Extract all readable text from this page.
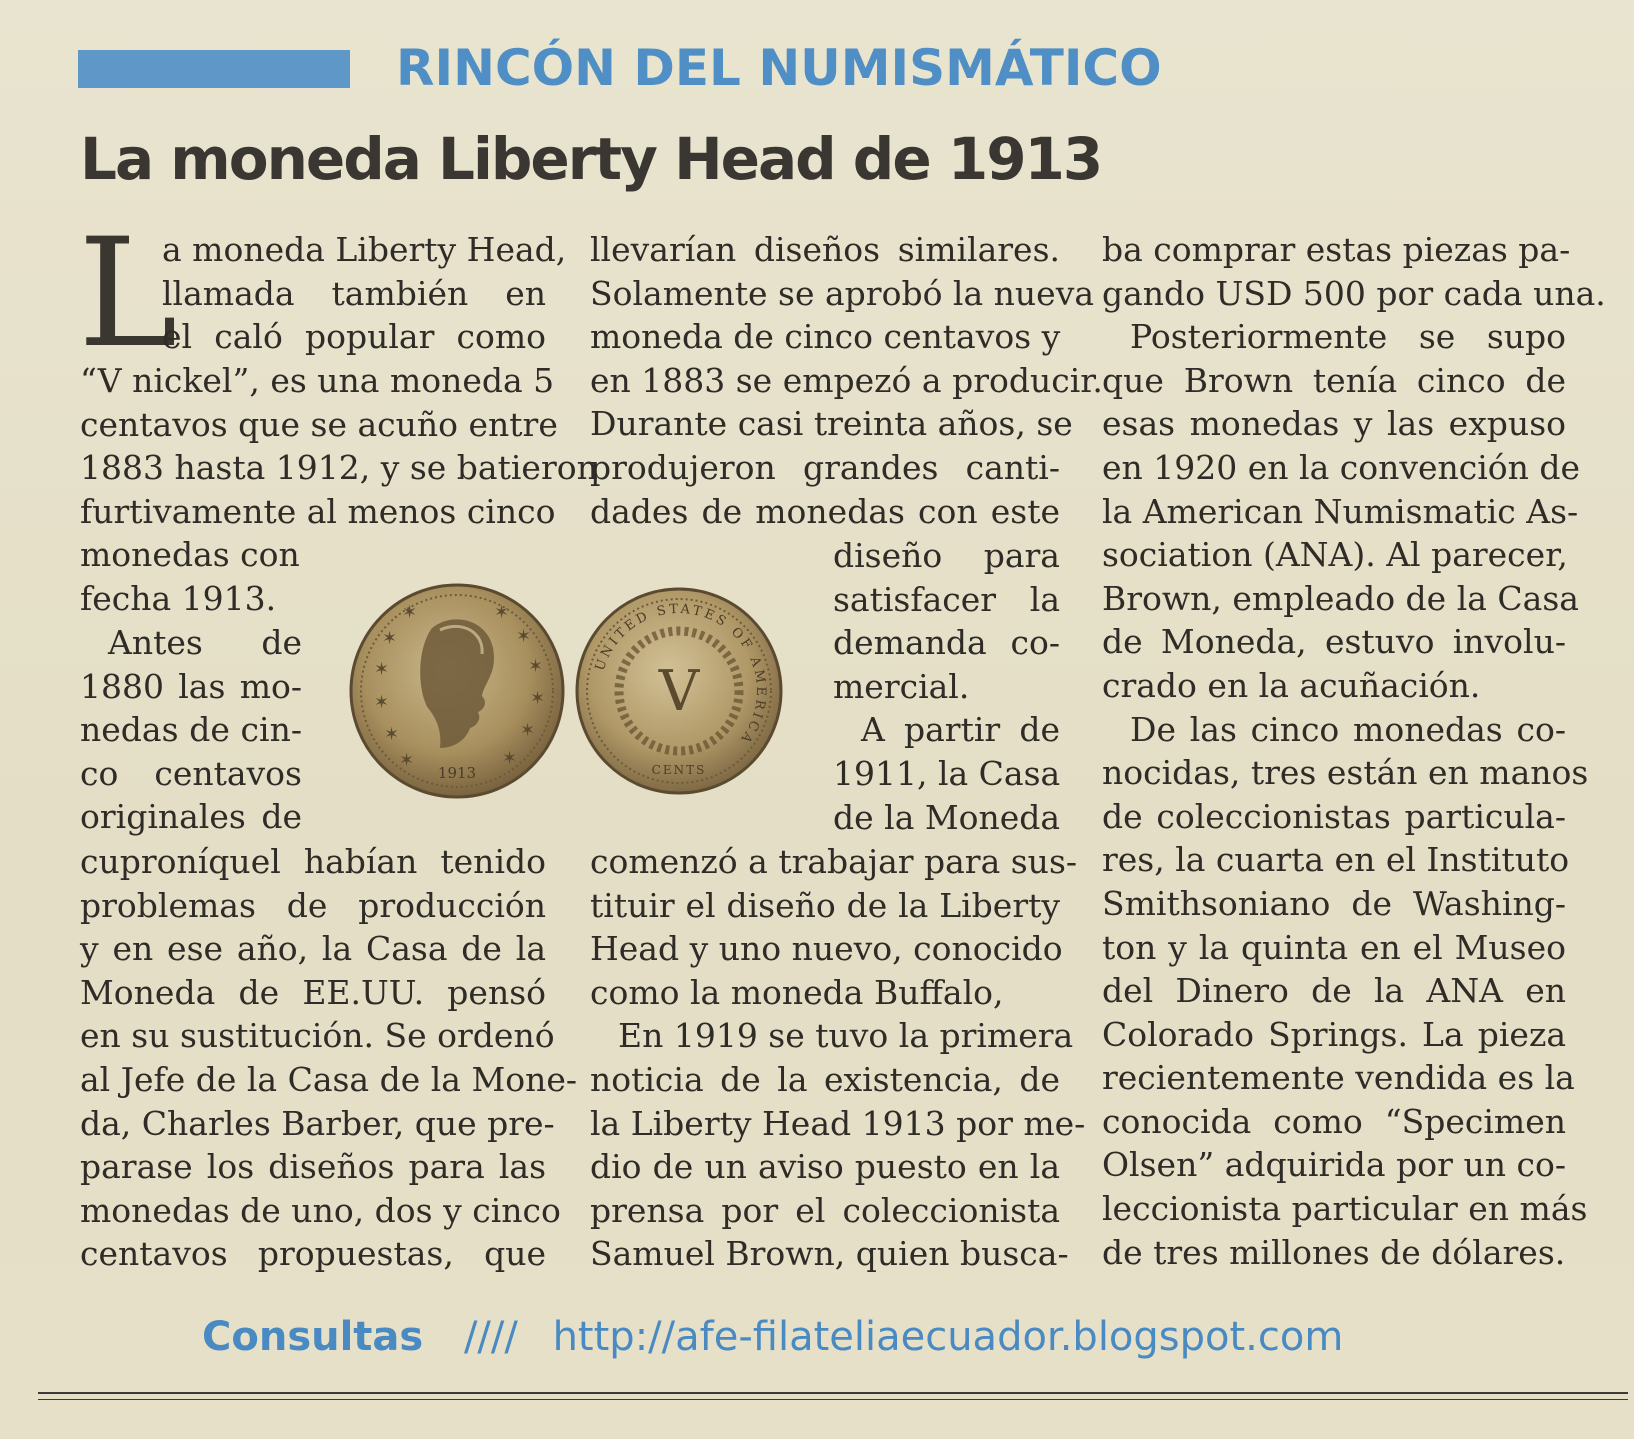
RINCÓN DEL NUMISMÁTICO
La moneda Liberty Head de 1913
L
a moneda Liberty Head,
llamada también en
el caló popular como
“V nickel”, es una moneda 5
centavos que se acuño entre
1883 hasta 1912, y se batieron
furtivamente al menos cinco
monedas con
fecha 1913.
Antes de
1880 las mo-
nedas de cin-
co centavos
originales de
cuproníquel habían tenido
problemas de producción
y en ese año, la Casa de la
Moneda de EE.UU. pensó
en su sustitución. Se ordenó
al Jefe de la Casa de la Mone-
da, Charles Barber, que pre-
parase los diseños para las
monedas de uno, dos y cinco
centavos propuestas, que
llevarían diseños similares.
Solamente se aprobó la nueva
moneda de cinco centavos y
en 1883 se empezó a producir.
Durante casi treinta años, se
produjeron grandes canti-
dades de monedas con este
diseño para
satisfacer la
demanda co-
mercial.
A partir de
1911, la Casa
de la Moneda
comenzó a trabajar para sus-
tituir el diseño de la Liberty
Head y uno nuevo, conocido
como la moneda Buffalo,
En 1919 se tuvo la primera
noticia de la existencia, de
la Liberty Head 1913 por me-
dio de un aviso puesto en la
prensa por el coleccionista
Samuel Brown, quien busca-
ba comprar estas piezas pa-
gando USD 500 por cada una.
Posteriormente se supo
que Brown tenía cinco de
esas monedas y las expuso
en 1920 en la convención de
la American Numismatic As-
sociation (ANA). Al parecer,
Brown, empleado de la Casa
de Moneda, estuvo involu-
crado en la acuñación.
De las cinco monedas co-
nocidas, tres están en manos
de coleccionistas particula-
res, la cuarta en el Instituto
Smithsoniano de Washing-
ton y la quinta en el Museo
del Dinero de la ANA en
Colorado Springs. La pieza
recientemente vendida es la
conocida como “Specimen
Olsen” adquirida por un co-
leccionista particular en más
de tres millones de dólares.
✶
✶
✶	✶
✶
✶
✶
✶
✶
✶
✶
✶
1913
UNITED STATES OF AMERICA
V
CENTS
Consultas //// http://afe-filateliaecuador.blogspot.com
